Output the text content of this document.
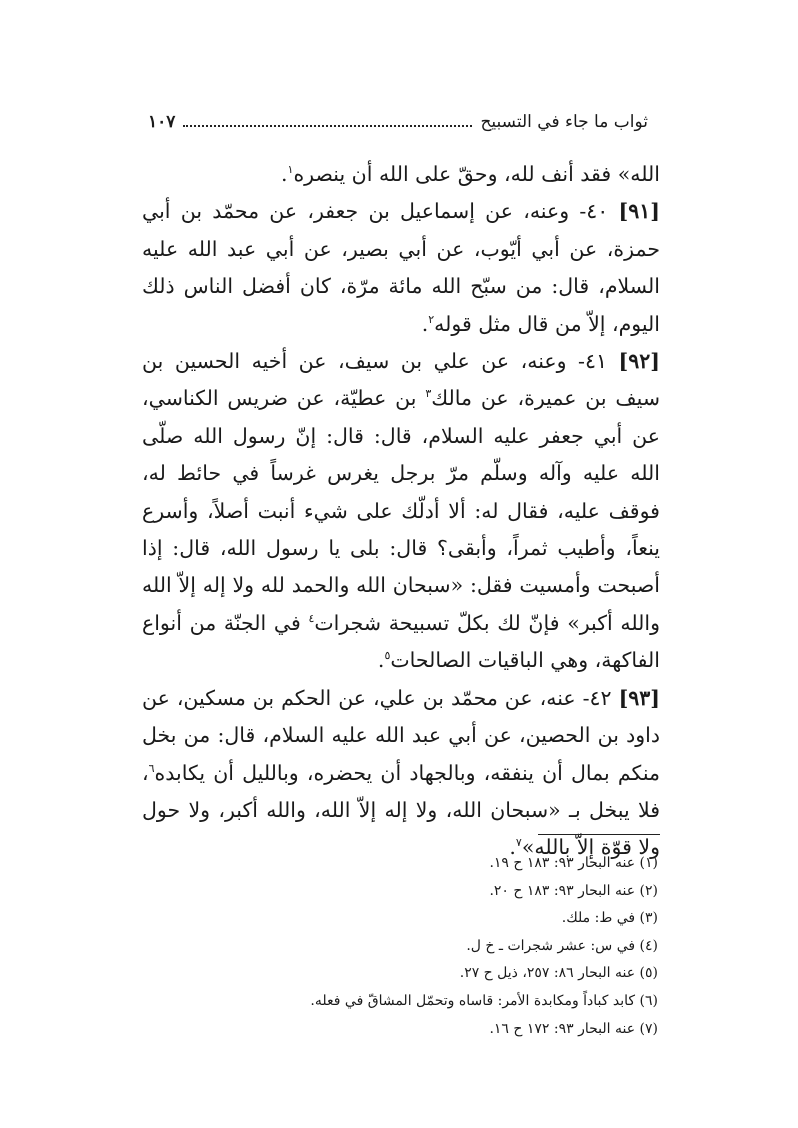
ثواب ما جاء في التسبيح
١٠٧

الله» فقد أنف لله، وحقّ على الله أن ينصره$^١$.

[٩١] ٤٠- وعنه، عن إسماعيل بن جعفر، عن محمّد بن أبي حمزة، عن أبي أيّوب، عن أبي بصير، عن أبي عبد الله عليه السلام، قال: من سبّح الله مائة مرّة، كان أفضل الناس ذلك اليوم، إلاّ من قال مثل قوله$^٢$.

[٩٢] ٤١- وعنه، عن علي بن سيف، عن أخيه الحسين بن سيف بن عميرة، عن مالك$^٣$ بن عطيّة، عن ضريس الكناسي، عن أبي جعفر عليه السلام، قال: قال: إنّ رسول الله صلّى الله عليه وآله وسلّم مرّ برجل يغرس غرساً في حائط له، فوقف عليه، فقال له: ألا أدلّك على شيء أنبت أصلاً، وأسرع ينعاً، وأطيب ثمراً، وأبقى؟ قال: بلى يا رسول الله، قال: إذا أصبحت وأمسيت فقل: «سبحان الله والحمد لله ولا إله إلاّ الله والله أكبر» فإنّ لك بكلّ تسبيحة شجرات$^٤$ في الجنّة من أنواع الفاكهة، وهي الباقيات الصالحات$^٥$.

[٩٣] ٤٢- عنه، عن محمّد بن علي، عن الحكم بن مسكين، عن داود بن الحصين، عن أبي عبد الله عليه السلام، قال: من بخل منكم بمال أن ينفقه، وبالجهاد أن يحضره، وبالليل أن يكابده$^٦$، فلا يبخل بـ «سبحان الله، ولا إله إلاّ الله، والله أكبر، ولا حول ولا قوّة إلاّ بالله»$^٧$.

(١) عنه البحار ٩٣: ١٨٣ ح ١٩.
(٢) عنه البحار ٩٣: ١٨٣ ح ٢٠.
(٣) في ط: ملك.
(٤) في س: عشر شجرات ـ خ ل.
(٥) عنه البحار ٨٦: ٢٥٧، ذيل ح ٢٧.
(٦) كابد كباداً ومكابدة الأمر: قاساه وتحمّل المشاقّ في فعله.
(٧) عنه البحار ٩٣: ١٧٢ ح ١٦.
